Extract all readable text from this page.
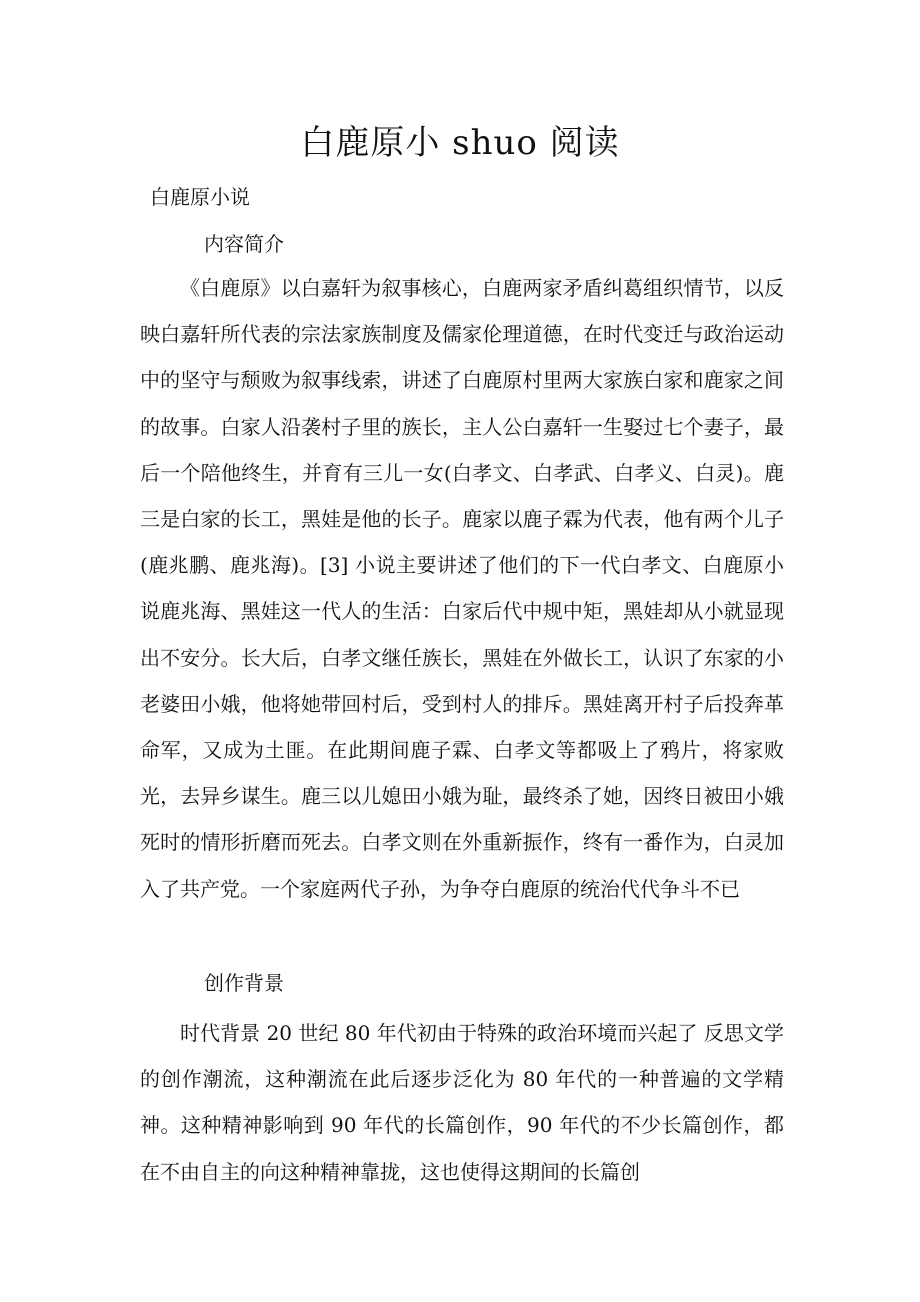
白鹿原小 shuo 阅读
白鹿原小说
内容简介

《白鹿原》以白嘉轩为叙事核心，白鹿两家矛盾纠葛组织情节，以反映白嘉轩所代表的宗法家族制度及儒家伦理道德，在时代变迁与政治运动中的坚守与颓败为叙事线索，讲述了白鹿原村里两大家族白家和鹿家之间的故事。白家人沿袭村子里的族长，主人公白嘉轩一生娶过七个妻子，最后一个陪他终生，并育有三儿一女(白孝文、白孝武、白孝义、白灵)。鹿三是白家的长工，黑娃是他的长子。鹿家以鹿子霖为代表，他有两个儿子(鹿兆鹏、鹿兆海)。[3] 小说主要讲述了他们的下一代白孝文、白鹿原小说鹿兆海、黑娃这一代人的生活：白家后代中规中矩，黑娃却从小就显现出不安分。长大后，白孝文继任族长，黑娃在外做长工，认识了东家的小老婆田小娥，他将她带回村后，受到村人的排斥。黑娃离开村子后投奔革命军，又成为土匪。在此期间鹿子霖、白孝文等都吸上了鸦片，将家败光，去异乡谋生。鹿三以儿媳田小娥为耻，最终杀了她，因终日被田小娥死时的情形折磨而死去。白孝文则在外重新振作，终有一番作为，白灵加入了共产党。一个家庭两代子孙，为争夺白鹿原的统治代代争斗不已

创作背景

时代背景 20 世纪 80 年代初由于特殊的政治环境而兴起了 反思文学 的创作潮流，这种潮流在此后逐步泛化为 80 年代的一种普遍的文学精神。这种精神影响到 90 年代的长篇创作，90 年代的不少长篇创作，都在不由自主的向这种精神靠拢，这也使得这期间的长篇创
